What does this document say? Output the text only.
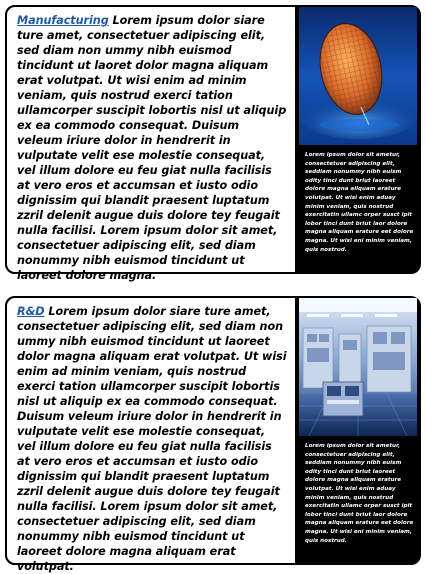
Manufacturing Lorem ipsum dolor siare ture amet, consectetuer adipiscing elit, sed diam non ummy nibh euismod tincidunt ut laoret dolor magna aliquam erat volutpat. Ut wisi enim ad minim veniam, quis nostrud exerci tation ullamcorper suscipit lobortis nisl ut aliquip ex ea commodo consequat. Duisum veleum iriure dolor in hendrerit in vulputate velit ese molestie consequat, vel illum dolore eu feu giat nulla facilisis at vero eros et accumsan et iusto odio dignissim qui blandit praesent luptatum zzril delenit augue duis dolore tey feugait nulla facilisi. Lorem ipsum dolor sit amet, consectetuer adipiscing elit, sed diam nonummy nibh euismod tincidunt ut laoreet dolore magna.

Lorem ipsum dolor sit ametur, consectetuer adipiscing elit, seddiam nonummy nibh euism odity tinci dunt briut laoreet dolore magna aliquam erature volutpat. Ut wisi enim aduay minim veniam, quis nostrud exercitatin ullamc orper susct ipit lobor tinci dunt briut laor dolore magna aliquam erature eet dolore magna. Ut wisi eni minim veniam, quis nostrud.

R&D Lorem ipsum dolor siare ture amet, consectetuer adipiscing elit, sed diam non ummy nibh euismod tincidunt ut laoreet dolor magna aliquam erat volutpat. Ut wisi enim ad minim veniam, quis nostrud exerci tation ullamcorper suscipit lobortis nisl ut aliquip ex ea commodo consequat. Duisum veleum iriure dolor in hendrerit in vulputate velit ese molestie consequat, vel illum dolore eu feu giat nulla facilisis at vero eros et accumsan et iusto odio dignissim qui blandit praesent luptatum zzril delenit augue duis dolore tey feugait nulla facilisi. Lorem ipsum dolor sit amet, consectetuer adipiscing elit, sed diam nonummy nibh euismod tincidunt ut laoreet dolore magna aliquam erat volutpat.

Lorem ipsum dolor sit ametur, consectetuer adipiscing elit, seddiam nonummy nibh euism odity tinci dunt briut laoreet dolore magna aliquam erature volutpat. Ut wisi enim aduay minim veniam, quis nostrud exercitatin ullamc orper susct ipit lobor tinci dunt briut laor dolore magna aliquam erature eet dolore magna. Ut wisi eni minim veniam, quis nostrud.
